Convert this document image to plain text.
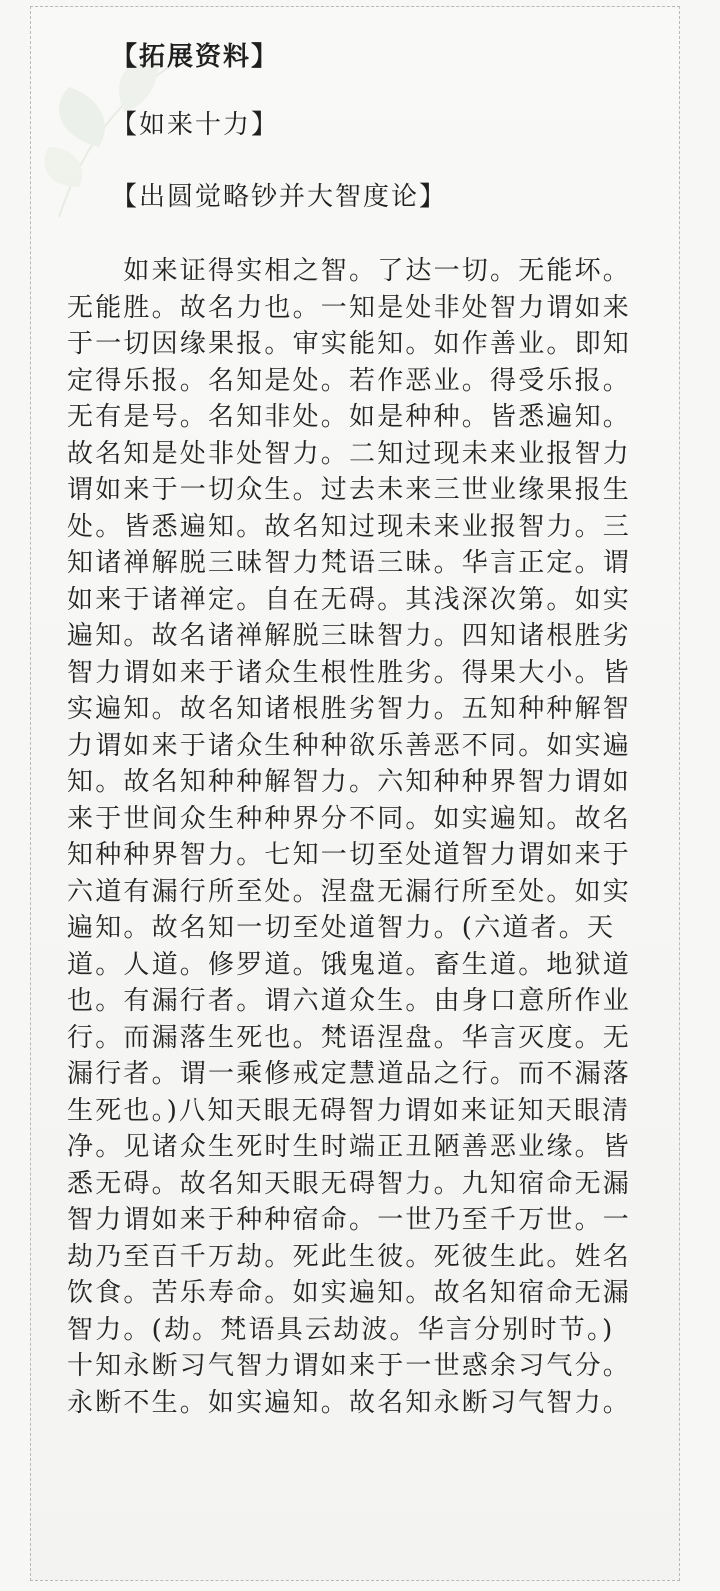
【拓展资料】
【如来十力】
【出圆觉略钞并大智度论】

　　如来证得实相之智。了达一切。无能坏。无能胜。故名力也。一知是处非处智力谓如来于一切因缘果报。审实能知。如作善业。即知定得乐报。名知是处。若作恶业。得受乐报。无有是号。名知非处。如是种种。皆悉遍知。故名知是处非处智力。二知过现未来业报智力谓如来于一切众生。过去未来三世业缘果报生处。皆悉遍知。故名知过现未来业报智力。三知诸禅解脱三昧智力梵语三昧。华言正定。谓如来于诸禅定。自在无碍。其浅深次第。如实遍知。故名诸禅解脱三昧智力。四知诸根胜劣智力谓如来于诸众生根性胜劣。得果大小。皆实遍知。故名知诸根胜劣智力。五知种种解智力谓如来于诸众生种种欲乐善恶不同。如实遍知。故名知种种解智力。六知种种界智力谓如来于世间众生种种界分不同。如实遍知。故名知种种界智力。七知一切至处道智力谓如来于六道有漏行所至处。涅盘无漏行所至处。如实遍知。故名知一切至处道智力。(六道者。天道。人道。修罗道。饿鬼道。畜生道。地狱道也。有漏行者。谓六道众生。由身口意所作业行。而漏落生死也。梵语涅盘。华言灭度。无漏行者。谓一乘修戒定慧道品之行。而不漏落生死也。)八知天眼无碍智力谓如来证知天眼清净。见诸众生死时生时端正丑陋善恶业缘。皆悉无碍。故名知天眼无碍智力。九知宿命无漏智力谓如来于种种宿命。一世乃至千万世。一劫乃至百千万劫。死此生彼。死彼生此。姓名饮食。苦乐寿命。如实遍知。故名知宿命无漏智力。(劫。梵语具云劫波。华言分别时节。)十知永断习气智力谓如来于一世惑余习气分。永断不生。如实遍知。故名知永断习气智力。
